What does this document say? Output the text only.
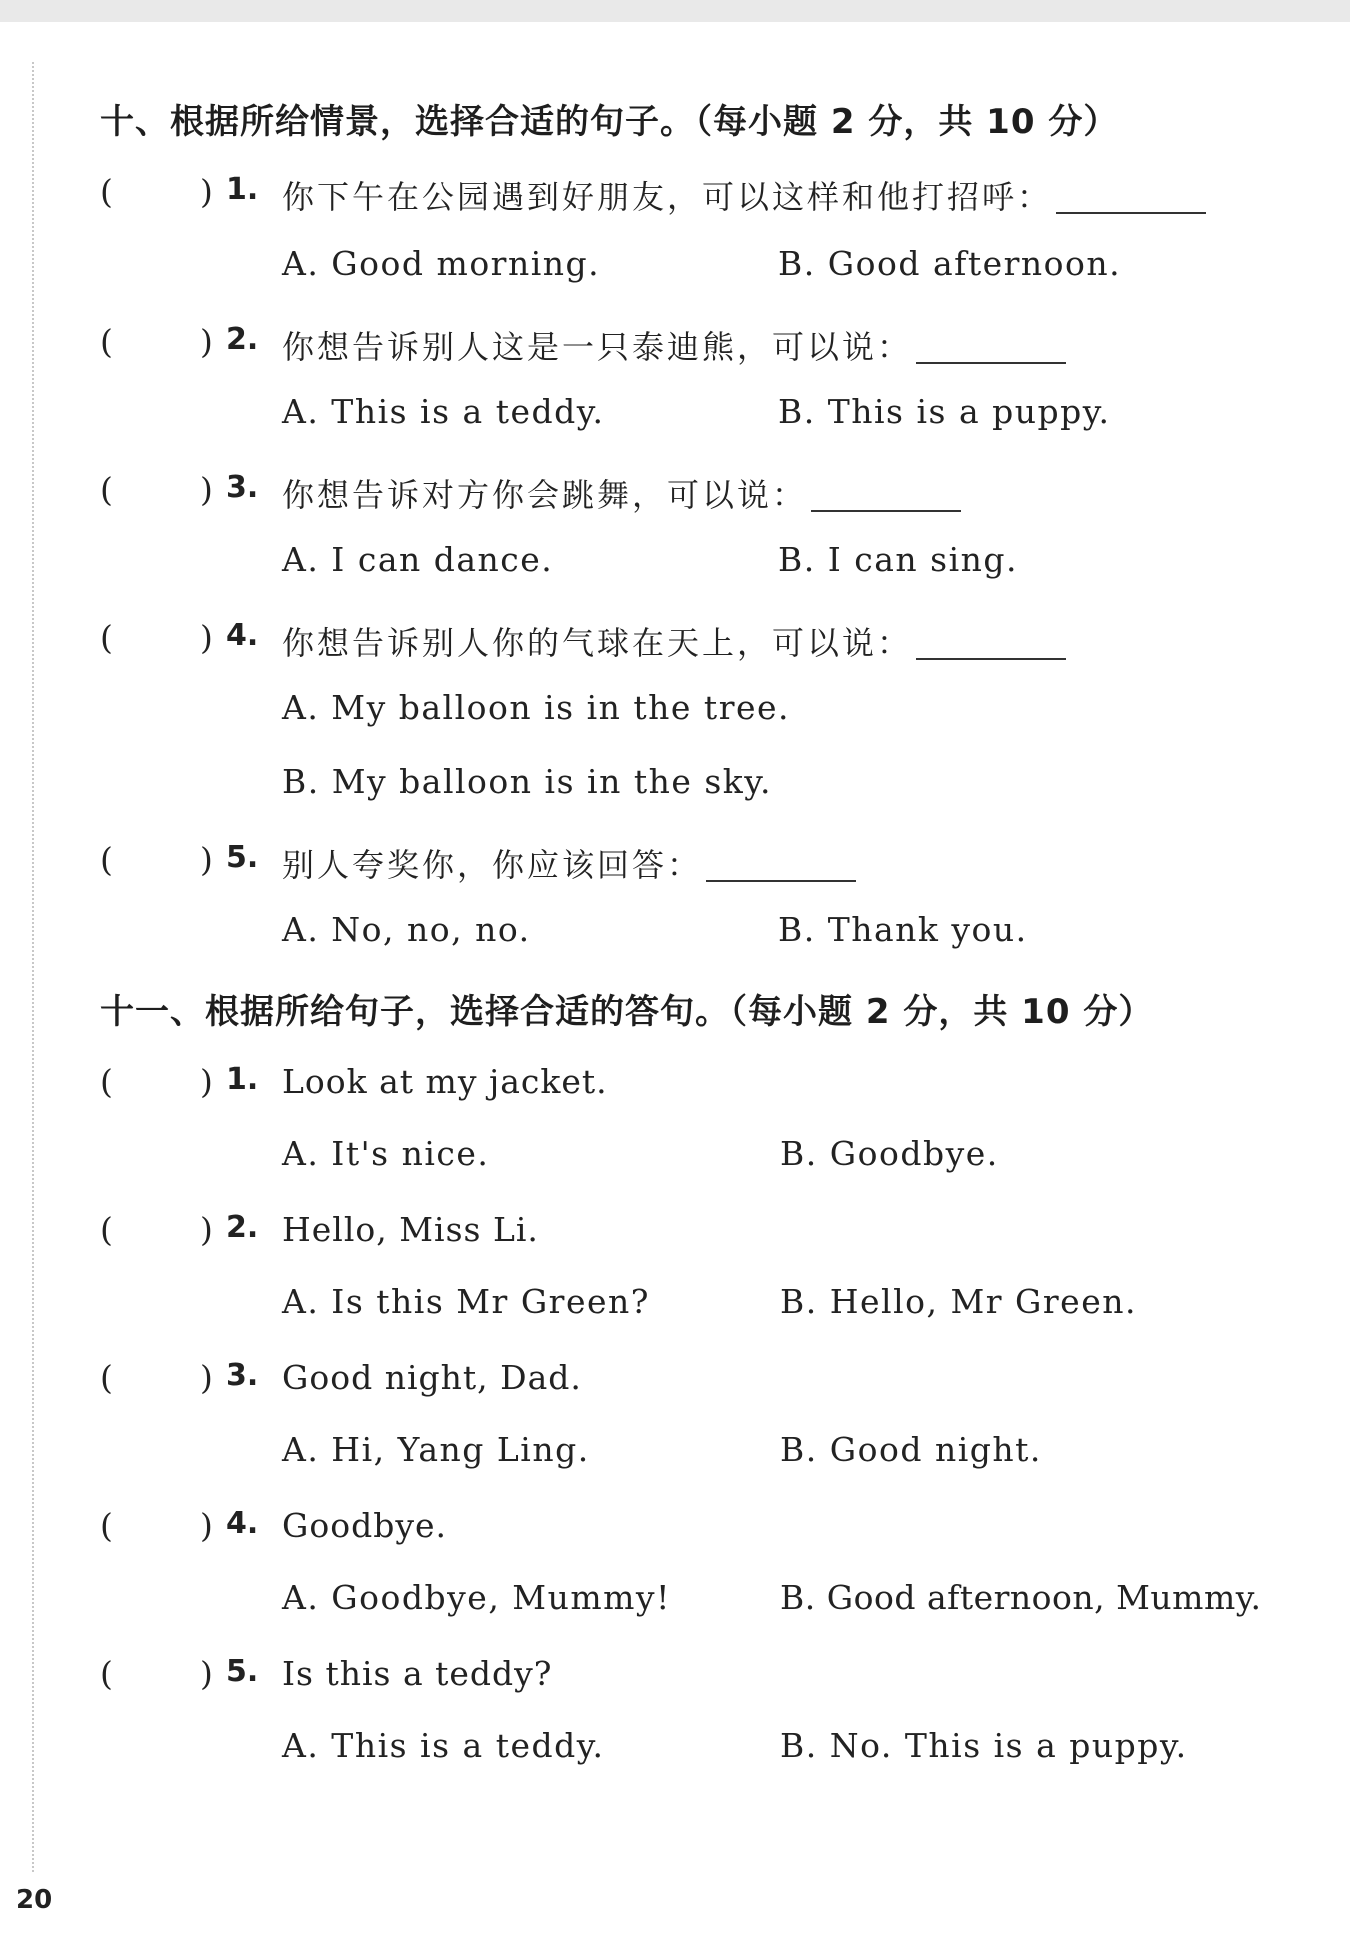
十、根据所给情景，选择合适的句子。（每小题 2 分，共 10 分）
(	) 1. 你下午在公园遇到好朋友，可以这样和他打招呼：
A. Good morning.	B. Good afternoon.
(	) 2. 你想告诉别人这是一只泰迪熊，可以说：
A. This is a teddy.	B. This is a puppy.
(	) 3. 你想告诉对方你会跳舞，可以说：
A. I can dance.	B. I can sing.
(	) 4. 你想告诉别人你的气球在天上，可以说：
A. My balloon is in the tree.
B. My balloon is in the sky.
(	) 5. 别人夸奖你，你应该回答：
A. No, no, no.	B. Thank you.
十一、根据所给句子，选择合适的答句。（每小题 2 分，共 10 分）
(	) 1. Look at my jacket.
A. It's nice.	B. Goodbye.
(	) 2. Hello, Miss Li.
A. Is this Mr Green?	B. Hello, Mr Green.
(	) 3. Good night, Dad.
A. Hi, Yang Ling.	B. Good night.
(	) 4. Goodbye.
A. Goodbye, Mummy!	B. Good afternoon, Mummy.
(	) 5. Is this a teddy?
A. This is a teddy.	B. No. This is a puppy.
20
